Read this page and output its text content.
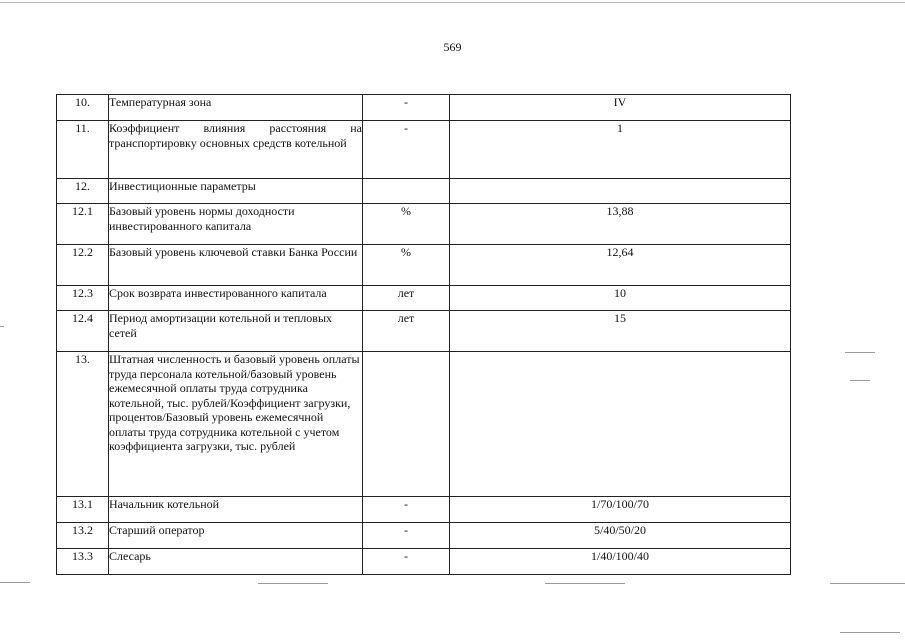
569
10.	Температурная зона	-	IV
11.	Коэффициент влияния расстояния на транспортировку основных средств котельной	-	1
12.	Инвестиционные параметры		
12.1	Базовый уровень нормы доходности инвестированного капитала	%	13,88
12.2	Базовый уровень ключевой ставки Банка России	%	12,64
12.3	Срок возврата инвестированного капитала	лет	10
12.4	Период амортизации котельной и тепловых сетей	лет	15
13.	Штатная численность и базовый уровень оплаты труда персонала котельной/базовый уровень ежемесячной оплаты труда сотрудника котельной, тыс. рублей/Коэффициент загрузки, процентов/Базовый уровень ежемесячной оплаты труда сотрудника котельной с учетом коэффициента загрузки, тыс. рублей		
13.1	Начальник котельной	-	1/70/100/70
13.2	Старший оператор	-	5/40/50/20
13.3	Слесарь	-	1/40/100/40
